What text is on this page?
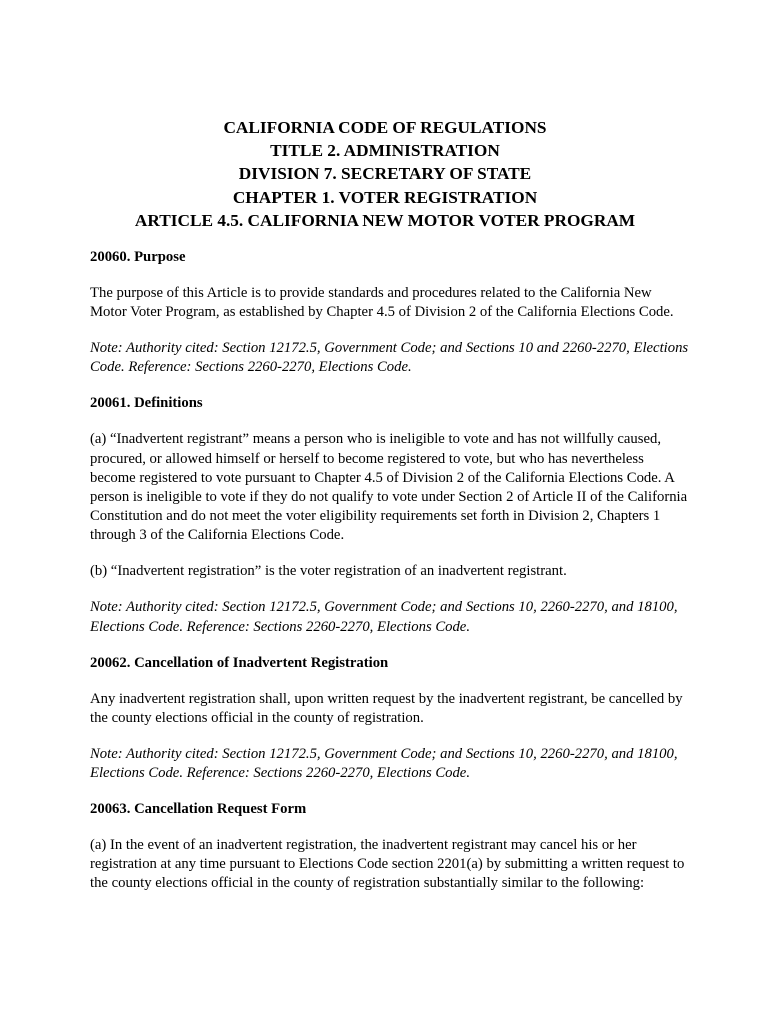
CALIFORNIA CODE OF REGULATIONS
TITLE 2. ADMINISTRATION
DIVISION 7. SECRETARY OF STATE
CHAPTER 1. VOTER REGISTRATION
ARTICLE 4.5. CALIFORNIA NEW MOTOR VOTER PROGRAM

20060. Purpose

The purpose of this Article is to provide standards and procedures related to the California New Motor Voter Program, as established by Chapter 4.5 of Division 2 of the California Elections Code.

Note: Authority cited: Section 12172.5, Government Code; and Sections 10 and 2260-2270, Elections Code. Reference: Sections 2260-2270, Elections Code.

20061. Definitions

(a) “Inadvertent registrant” means a person who is ineligible to vote and has not willfully caused, procured, or allowed himself or herself to become registered to vote, but who has nevertheless become registered to vote pursuant to Chapter 4.5 of Division 2 of the California Elections Code. A person is ineligible to vote if they do not qualify to vote under Section 2 of Article II of the California Constitution and do not meet the voter eligibility requirements set forth in Division 2, Chapters 1 through 3 of the California Elections Code.

(b) “Inadvertent registration” is the voter registration of an inadvertent registrant.

Note: Authority cited: Section 12172.5, Government Code; and Sections 10, 2260-2270, and 18100, Elections Code. Reference: Sections 2260-2270, Elections Code.

20062. Cancellation of Inadvertent Registration

Any inadvertent registration shall, upon written request by the inadvertent registrant, be cancelled by the county elections official in the county of registration.

Note: Authority cited: Section 12172.5, Government Code; and Sections 10, 2260-2270, and 18100, Elections Code. Reference: Sections 2260-2270, Elections Code.

20063. Cancellation Request Form

(a) In the event of an inadvertent registration, the inadvertent registrant may cancel his or her registration at any time pursuant to Elections Code section 2201(a) by submitting a written request to the county elections official in the county of registration substantially similar to the following:
